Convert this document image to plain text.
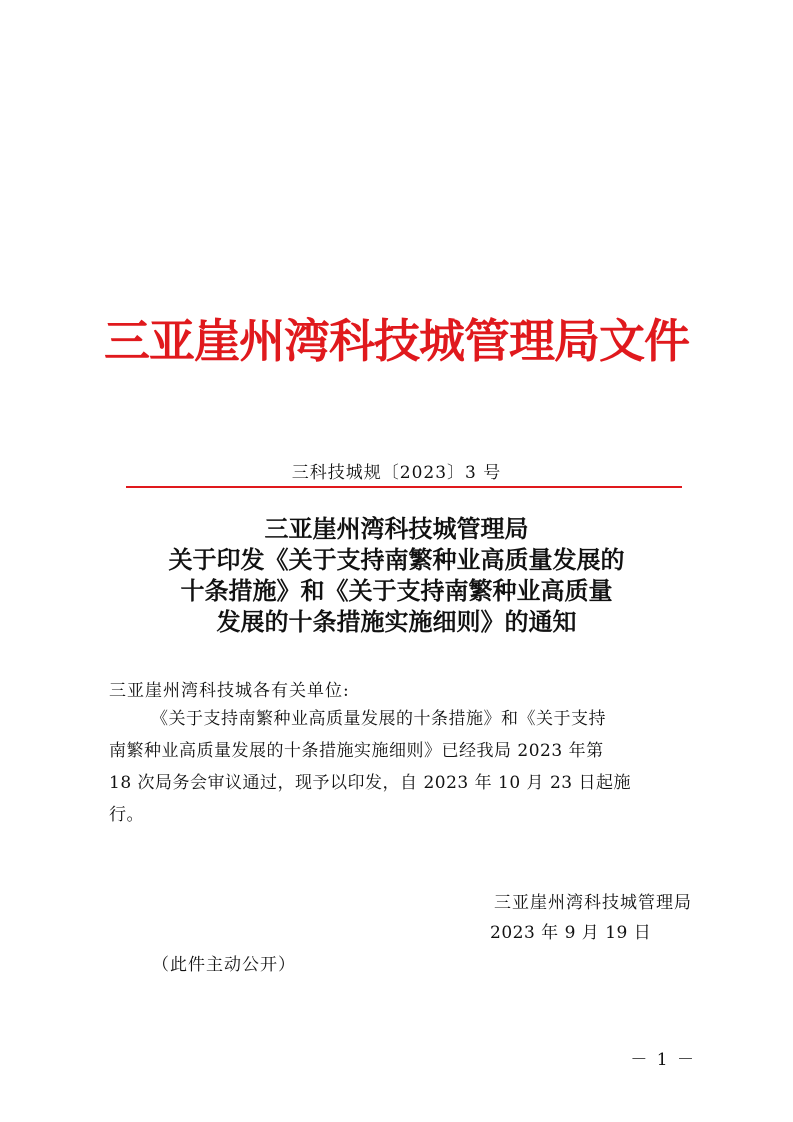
三亚崖州湾科技城管理局文件
三科技城规〔2023〕3 号
三亚崖州湾科技城管理局
关于印发《关于支持南繁种业高质量发展的
十条措施》和《关于支持南繁种业高质量
发展的十条措施实施细则》的通知
三亚崖州湾科技城各有关单位:
《关于支持南繁种业高质量发展的十条措施》和《关于支持
南繁种业高质量发展的十条措施实施细则》已经我局 2023 年第
18 次局务会审议通过，现予以印发，自 2023 年 10 月 23 日起施
行。
三亚崖州湾科技城管理局
2023 年 9 月 19 日
（此件主动公开）
－ 1 －
